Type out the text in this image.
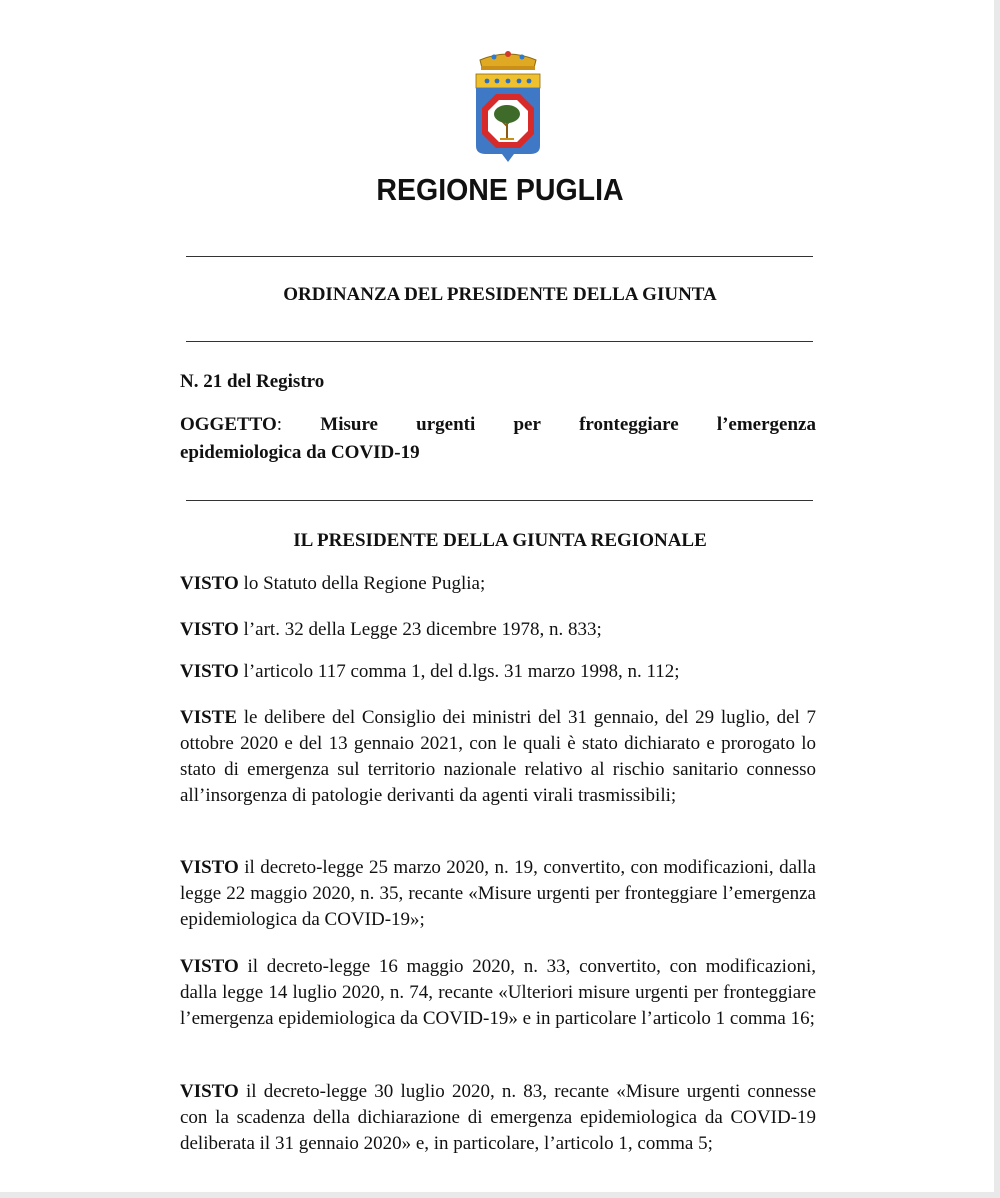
REGIONE PUGLIA
ORDINANZA DEL PRESIDENTE DELLA GIUNTA
N. 21 del Registro
OGGETTO: Misure urgenti per fronteggiare l’emergenza
epidemiologica da COVID-19
IL PRESIDENTE DELLA GIUNTA REGIONALE
VISTO lo Statuto della Regione Puglia;
VISTO l’art. 32 della Legge 23 dicembre 1978, n. 833;
VISTO l’articolo 117 comma 1, del d.lgs. 31 marzo 1998, n. 112;
VISTE le delibere del Consiglio dei ministri del 31 gennaio, del 29 luglio, del 7 ottobre 2020 e del 13 gennaio 2021, con le quali è stato dichiarato e prorogato lo stato di emergenza sul territorio nazionale relativo al rischio sanitario connesso all’insorgenza di patologie derivanti da agenti virali trasmissibili;
VISTO il decreto-legge 25 marzo 2020, n. 19, convertito, con modificazioni, dalla legge 22 maggio 2020, n. 35, recante «Misure urgenti per fronteggiare l’emergenza epidemiologica da COVID-19»;
VISTO il decreto-legge 16 maggio 2020, n. 33, convertito, con modificazioni, dalla legge 14 luglio 2020, n. 74, recante «Ulteriori misure urgenti per fronteggiare l’emergenza epidemiologica da COVID-19» e in particolare l’articolo 1 comma 16;
VISTO il decreto-legge 30 luglio 2020, n. 83, recante «Misure urgenti connesse con la scadenza della dichiarazione di emergenza epidemiologica da COVID-19 deliberata il 31 gennaio 2020» e, in particolare, l’articolo 1, comma 5;
